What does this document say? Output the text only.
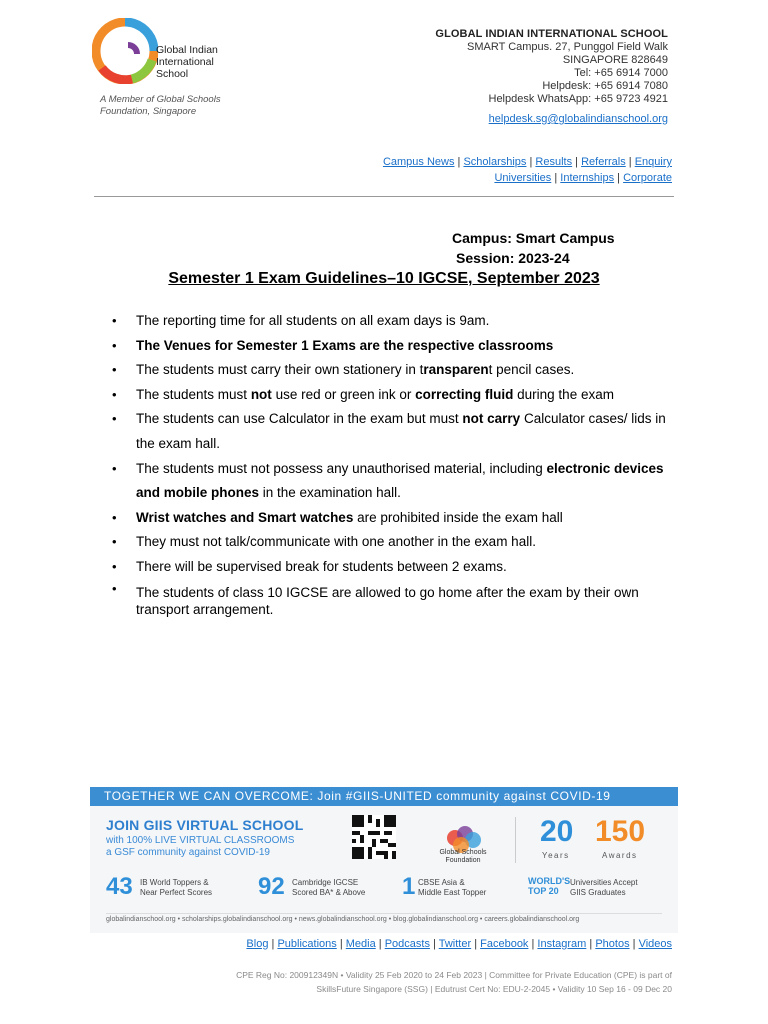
Global Indian
International
School
A Member of Global Schools
Foundation, Singapore
GLOBAL INDIAN INTERNATIONAL SCHOOL
SMART Campus. 27, Punggol Field Walk
SINGAPORE 828649
Tel: +65 6914 7000
Helpdesk: +65 6914 7080
Helpdesk WhatsApp: +65 9723 4921
helpdesk.sg@globalindianschool.org
Campus News | Scholarships | Results | Referrals | Enquiry
Universities | Internships | Corporate
Campus: Smart Campus
Session: 2023-24
Semester 1 Exam Guidelines–10 IGCSE, September 2023
• The reporting time for all students on all exam days is 9am.
• The Venues for Semester 1 Exams are the respective classrooms
• The students must carry their own stationery in transparent pencil cases.
• The students must not use red or green ink or correcting fluid during the exam
• The students can use Calculator in the exam but must not carry Calculator cases/ lids in the exam hall.
• The students must not possess any unauthorised material, including electronic devices and mobile phones in the examination hall.
• Wrist watches and Smart watches are prohibited inside the exam hall
• They must not talk/communicate with one another in the exam hall.
• There will be supervised break for students between 2 exams.
• The students of class 10 IGCSE are allowed to go home after the exam by their own transport arrangement.
TOGETHER WE CAN OVERCOME: Join #GIIS-UNITED community against COVID-19
JOIN GIIS VIRTUAL SCHOOL
with 100% LIVE VIRTUAL CLASSROOMS
a GSF community against COVID-19	Global Schools
Foundation
20
Years
150
Awards
43 IB World Toppers &
Near Perfect Scores 92 Cambridge IGCSE
Scored BA* & Above 1 CBSE Asia &
Middle East Topper
WORLD'S
TOP 20
Universities Accept
GIIS Graduates
globalindianschool.org • scholarships.globalindianschool.org • news.globalindianschool.org • blog.globalindianschool.org • careers.globalindianschool.org
Blog | Publications | Media | Podcasts | Twitter | Facebook | Instagram | Photos | Videos
CPE Reg No: 200912349N • Validity 25 Feb 2020 to 24 Feb 2023 | Committee for Private Education (CPE) is part of
SkillsFuture Singapore (SSG) | Edutrust Cert No: EDU-2-2045 • Validity 10 Sep 16 - 09 Dec 20
